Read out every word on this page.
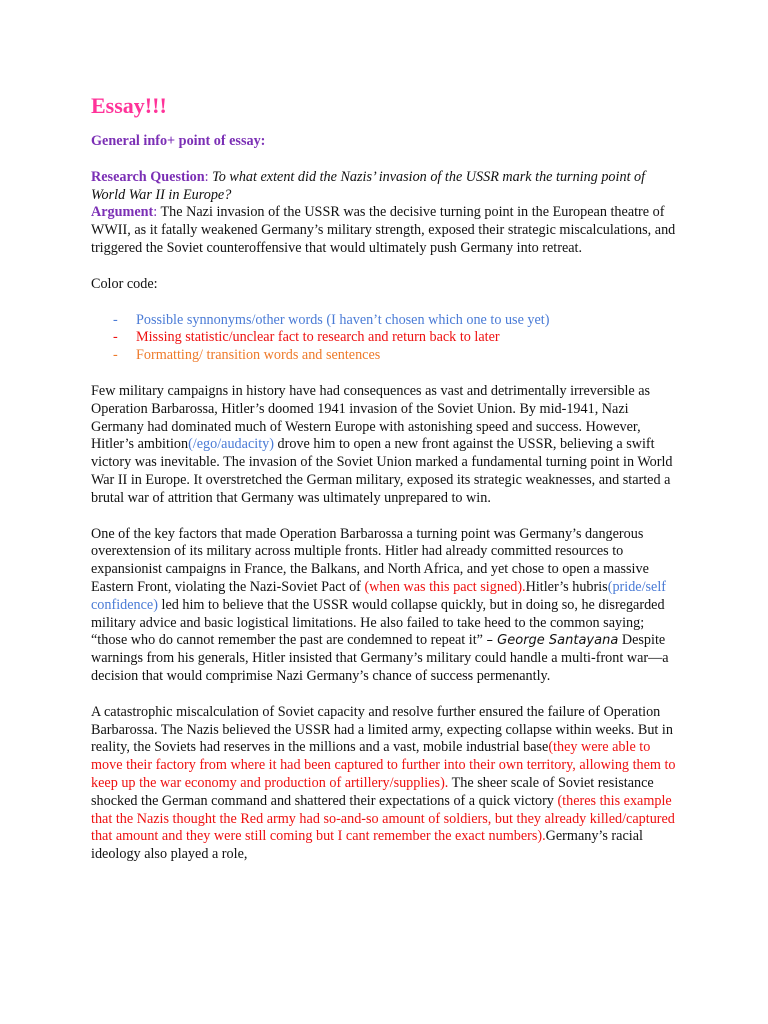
Essay!!!

General info+ point of essay:

Research Question: To what extent did the Nazis’ invasion of the USSR mark the turning point of World War II in Europe?

Argument: The Nazi invasion of the USSR was the decisive turning point in the European theatre of WWII, as it fatally weakened Germany’s military strength, exposed their strategic miscalculations, and triggered the Soviet counteroffensive that would ultimately push Germany into retreat.

Color code:

- Possible synnonyms/other words (I haven’t chosen which one to use yet)
- Missing statistic/unclear fact to research and return back to later
- Formatting/ transition words and sentences

Few military campaigns in history have had consequences as vast and detrimentally irreversible as Operation Barbarossa, Hitler’s doomed 1941 invasion of the Soviet Union. By mid-1941, Nazi Germany had dominated much of Western Europe with astonishing speed and success. However, Hitler’s ambition(/ego/audacity) drove him to open a new front against the USSR, believing a swift victory was inevitable. The invasion of the Soviet Union marked a fundamental turning point in World War II in Europe. It overstretched the German military, exposed its strategic weaknesses, and started a brutal war of attrition that Germany was ultimately unprepared to win.

One of the key factors that made Operation Barbarossa a turning point was Germany’s dangerous overextension of its military across multiple fronts. Hitler had already committed resources to expansionist campaigns in France, the Balkans, and North Africa, and yet chose to open a massive Eastern Front, violating the Nazi-Soviet Pact of (when was this pact signed).Hitler’s hubris(pride/self confidence) led him to believe that the USSR would collapse quickly, but in doing so, he disregarded military advice and basic logistical limitations. He also failed to take heed to the common saying; “those who do cannot remember the past are condemned to repeat it” – George Santayana Despite warnings from his generals, Hitler insisted that Germany’s military could handle a multi-front war—a decision that would comprimise Nazi Germany’s chance of success permenantly.

A catastrophic miscalculation of Soviet capacity and resolve further ensured the failure of Operation Barbarossa. The Nazis believed the USSR had a limited army, expecting collapse within weeks. But in reality, the Soviets had reserves in the millions and a vast, mobile industrial base(they were able to move their factory from where it had been captured to further into their own territory, allowing them to keep up the war economy and production of artillery/supplies). The sheer scale of Soviet resistance shocked the German command and shattered their expectations of a quick victory (theres this example that the Nazis thought the Red army had so-and-so amount of soldiers, but they already killed/captured that amount and they were still coming but I cant remember the exact numbers).Germany’s racial ideology also played a role,
